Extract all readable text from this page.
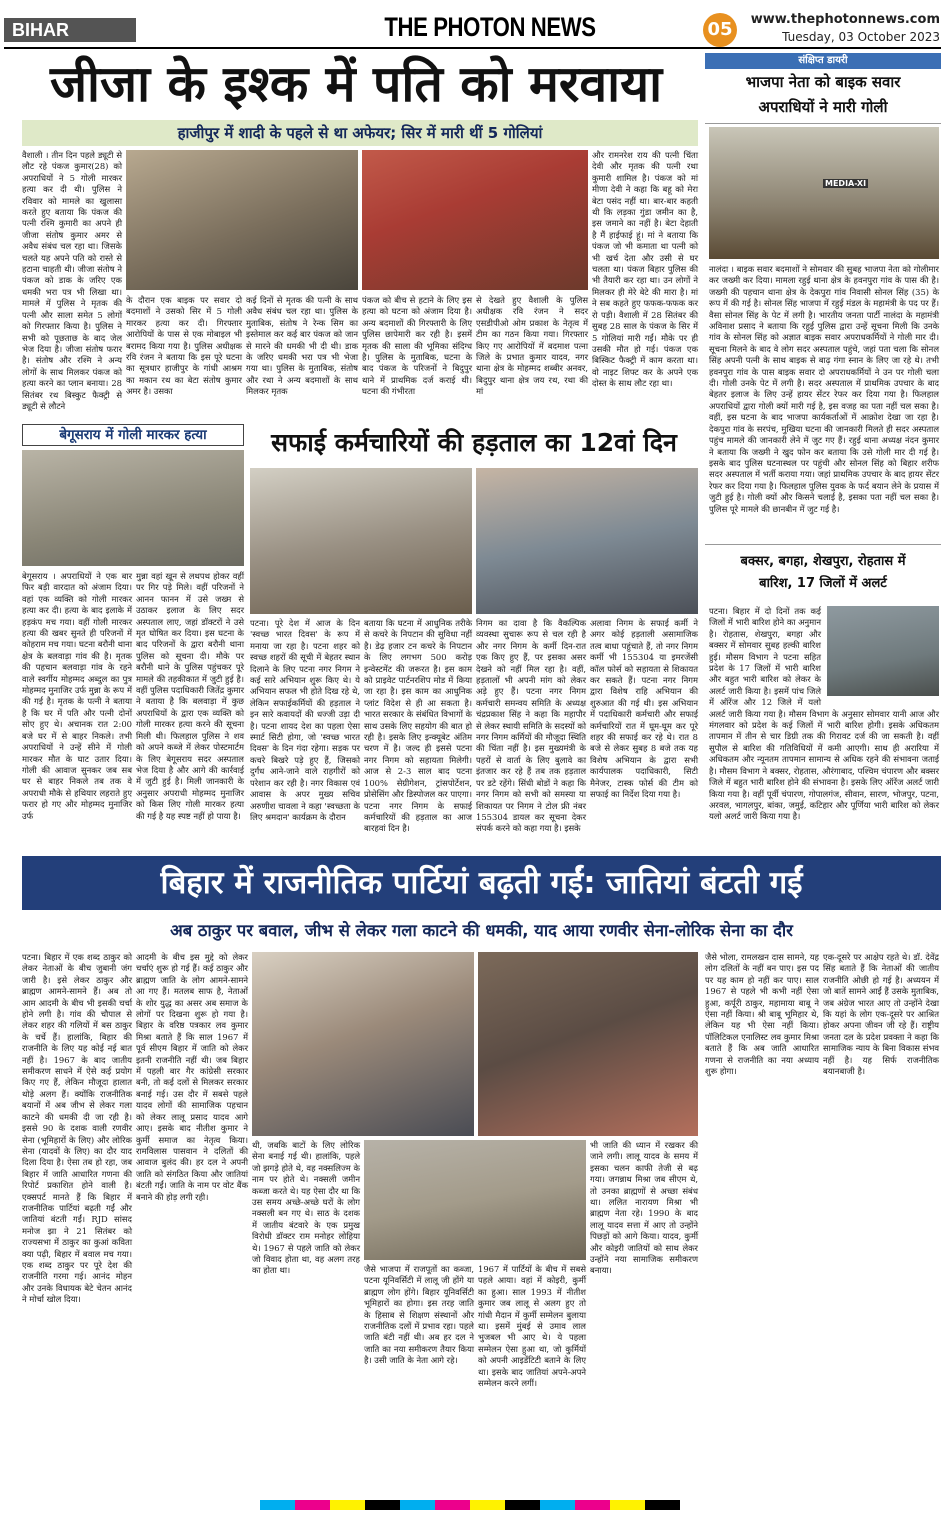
BIHAR	THE PHOTON NEWS	05	www.thephotonnews.com
Tuesday, 03 October 2023
जीजा के इश्क में पति को मरवाया
हाजीपुर में शादी के पहले से था अफेयर; सिर में मारी थीं 5 गोलियां
वैशाली । तीन दिन पहले ड्यूटी से लौट रहे पंकज कुमार(28) को अपराधियों ने 5 गोली मारकर हत्या कर दी थी। पुलिस ने रविवार को मामले का खुलासा करते हुए बताया कि पंकज की पत्नी रश्मि कुमारी का अपने ही जीजा संतोष कुमार अमर से अवैध संबंध चल रहा था। जिसके चलते यह अपने पति को रास्ते से हटाना चाहती थी। जीजा संतोष ने पंकज को डाक के जरिए एक धमकी भरा पत्र भी लिखा था। मामले में पुलिस ने मृतक की पत्नी और साला समेत 5 लोगों को गिरफ्तार किया है। पुलिस ने सभी को पूछताछ के बाद जेल भेज दिया है। जीजा संतोष फरार है। संतोष और रश्मि ने अन्य लोगों के साथ मिलकर पंकज को हत्या करने का प्लान बनाया। 28 सितंबर रथ बिस्कुट फैक्ट्री से ड्यूटी से लौटने
के दौरान एक बाइक पर सवार दो बदमाशों ने उसको सिर में 5 गोली मारकर हत्या कर दी। गिरफ्तार आरोपियों के पास से एक मोबाइल भी बरामद किया गया है। पुलिस अधीक्षक रवि रंजन ने बताया कि इस पूरे घटना का सूत्रधार हाजीपुर के गांधी आश्रम का मकान रथ का बेटा संतोष कुमार अमर है। उसका
कई दिनों से मृतक की पत्नी के साथ अवैध संबंध चल रहा था। पुलिस के मुताबिक, संतोष ने रेन्क सिम का इस्तेमाल कर कई बार पंकज को जान से मारने की धमकी भी दी थी। डाक के जरिए धमकी भरा पत्र भी भेजा गया था। पुलिस के मुताबिक, संतोष और रथा ने अन्य बदमाशों के साथ मिलकर मृतक
पंकज को बीच से हटाने के लिए इस हत्या को घटना को अंजाम दिया है। अन्य बदमाशों की गिरफ्तारी के लिए पुलिस छापेमारी कर रही है। इसमें मृतक की साला की भूमिका संदिग्ध है। पुलिस के मुताबिक, घटना के बाद पंकज के परिजनों ने बिदुपुर थाने में प्राथमिक दर्ज कराई थी। घटना की गंभीरता
से देखते हुए वैशाली के पुलिस अधीक्षक रवि रंजन ने सदर एसडीपीओ ओम प्रकाश के नेतृत्व में टीम का गठन किया गया। गिरफ्तार किए गए आरोपियों में बदमाश पत्ना जिले के प्रभात कुमार यादव, नगर थाना क्षेत्र के मोहम्मद शब्बीर अनवर, बिदुपुर थाना क्षेत्र जय रथ, रथा की मां
और रामनरेश राय की पत्नी चिंता देवी और मृतक की पत्नी रथा कुमारी शामिल है। पंकज को मां मीणा देवी ने कहा कि बहू को मेरा बेटा पसंद नहीं था। बार-बार कहती थी कि लड़का गुंडा जमीन का है, इस जमाने का नहीं है। बेटा देहाती है मैं हाईफाई हूं। मां ने बताया कि पंकज जो भी कमाता था पत्नी को भी खर्च देता और उसी से घर चलता था। पंकज बिहार पुलिस की भी तैयारी कर रहा था। उन लोगों ने मिलकर ही मेरे बेटे की मारा है। मां ने सब कहते हुए फफक-फफक कर रो पड़ी। वैशाली में 28 सितंबर की सुबह 28 साल के पंकज के सिर में 5 गोलियां मारी गईं। मौके पर ही उसकी मौत हो गई। पंकज एक बिस्किट फैक्ट्री में काम करता था। वो नाइट शिफ्ट कर के अपने एक दोस्त के साथ लौट रहा था।
संक्षिप्त डायरी
भाजपा नेता को बाइक सवार
अपराधियों ने मारी गोली
MEDIA-XI
नालंदा । बाइक सवार बदमाशों ने सोमवार की सुबह भाजपा नेता को गोलीमार कर जख्मी कर दिया। मामला रहुई थाना क्षेत्र के हवनपुरा गांव के पास की है। जख्मी की पहचान थाना क्षेत्र के देकपुरा गांव निवासी सोनल सिंह (35) के रूप में की गई है। सोनल सिंह भाजपा में रहुई मंडल के महामंत्री के पद पर हैं। वैसा सोनल सिंह के पेट में लगी है। भारतीय जनता पार्टी नालंदा के महामंत्री अविनाश प्रसाद ने बताया कि रहुई पुलिस द्वारा उन्हें सूचना मिली कि उनके गांव के सोनल सिंह को अज्ञात बाइक सवार अपराधकर्मियों ने गोली मार दी। सूचना मिलने के बाद वे लोग सदर अस्पताल पहुंचे, जहां पता चला कि सोनल सिंह अपनी पत्नी के साथ बाइक से बाढ़ गंगा स्नान के लिए जा रहे थे। तभी हवनपुरा गांव के पास बाइक सवार दो अपराधकर्मियों ने उन पर गोली चला दी। गोली उनके पेट में लगी है। सदर अस्पताल में प्राथमिक उपचार के बाद बेहतर इलाज के लिए उन्हें हायर सेंटर रेफर कर दिया गया है। फिलहाल अपराधियों द्वारा गोली क्यों मारी गई है, इस वजह का पता नहीं चल सका है। वहीं, इस घटना के बाद भाजपा कार्यकर्ताओं में आक्रोश देखा जा रहा है। देकपुरा गांव के सरपंच, मुखिया घटना की जानकारी मिलते ही सदर अस्पताल पहुंच मामले की जानकारी लेने में जुट गए हैं। रहुई थाना अध्यक्ष नंदन कुमार ने बताया कि जख्मी ने खुद फोन कर बताया कि उसे गोली मार दी गई है। इसके बाद पुलिस घटनास्थल पर पहुंची और सोनल सिंह को बिहार शरीफ सदर अस्पताल में भर्ती कराया गया। जहां प्राथमिक उपचार के बाद हायर सेंटर रेफर कर दिया गया है। फिलहाल पुलिस युवक के फर्द बयान लेने के प्रयास में जुटी हुई है। गोली क्यों और किसने चलाई है, इसका पता नहीं चल सका है। पुलिस पूरे मामले की छानबीन में जुट गई है।
बेगूसराय में गोली मारकर हत्या
बेगूसराय । अपराधियों ने एक बार फिर बड़ी वारदात को अंजाम दिया। वहां एक व्यक्ति को गोली मारकर हत्या कर दी। हत्या के बाद इलाके में हड़कंप मच गया। वहीं गोली मारकर हत्या की खबर सुनते ही परिजनों में कोहराम मच गया। घटना बरौनी थाना क्षेत्र के बलवाड़ा गांव की है। मृतक की पहचान बलवाड़ा गांव के रहने वाले स्वर्गीय मोहम्मद अब्दुल का पुत्र मोहम्मद मुनाजिर उर्फ मुन्ना के रूप में की गई है। मृतक के पत्नी ने बताया है कि घर में पति और पत्नी दोनों सोए हुए थे। अचानक रात 2:00 बजे घर में से बाहर निकले। तभी अपराधियों ने उन्हें सीने में गोली मारकर मौत के घाट उतार दिया। गोली की आवाज सुनकर जब सब घर से बाहर निकले तब तक वे अपराधी मौके से हथियार लहराते हुए फरार हो गए और मोहम्मद मुनाजिर उर्फ
मुन्ना वहां खून से लथपथ होकर वहीं पर गिर पड़े मिले। वहीं परिजनों ने आनन फानन में उसे जख्म से उठाकर इलाज के लिए सदर अस्पताल लाए, जहां डॉक्टरों ने उसे मृत घोषित कर दिया। इस घटना के बाद परिजनों के द्वारा बरौनी थाना पुलिस को सूचना दी। मौके पर बरौनी थाने के पुलिस पहुंचकर पूरे मामले की तहकीकात में जुटी हुई है। वहीं पुलिस पदाधिकारी जितेंद्र कुमार ने बताया है कि बलवाड़ा में कुछ अपराधियों के द्वारा एक व्यक्ति को गोली मारकर हत्या करने की सूचना मिली थी। फिलहाल पुलिस ने शव को अपने कब्जे में लेकर पोस्टमार्टम के लिए बेगूसराय सदर अस्पताल भेज दिया है और आगे की कार्रवाई में जुटी हुई है। मिली जानकारी के अनुसार अपराधी मोहम्मद मुनाजिर को किस लिए गोली मारकर हत्या की गई है यह स्पष्ट नहीं हो पाया है।
सफाई कर्मचारियों की हड़ताल का 12वां दिन
पटना। पूरे देश में आज के दिन 'स्वच्छ भारत दिवस' के रूप में मनाया जा रहा है। पटना शहर को स्वच्छ शहरों की सूची में बेहतर स्थान दिलाने के लिए पटना नगर निगम ने कई सारे अभियान शुरू किए थे। ये अभियान सफल भी होते दिख रहे थे, लेकिन सफाईकर्मियों की हड़ताल ने इन सारे कवायदों की धज्जी उड़ा दी है। पटना शायद देश का पहला ऐसा स्मार्ट सिटी होगा, जो 'स्वच्छ भारत दिवस' के दिन गंदा रहेगा। सड़क पर कचरे बिखरे पड़े हुए हैं, जिसको दुर्गंध आने-जाने वाले राहगीरों को परेशान कर रही है। नगर विकास एवं आवास के अपर मुख्य सचिव अरुणीश चावला ने कहा 'स्वच्छता के लिए श्रमदान' कार्यक्रम के दौरान
बताया कि घटना में आधुनिक तरीके से कचरे के निपटान की सुविधा नहीं है। डेढ़ हजार टन कचरे के निपटान के लिए लगभग 500 करोड़ इन्वेस्टमेंट की जरूरत है। इस काम को प्राइवेट पार्टनरशिप मोड में किया जा रहा है। इस काम का आधुनिक प्लांट विदेश से ही आ सकता है। भारत सरकार के संबंधित विभागों के साथ उसके लिए सहयोग की बात हो रही है। इसके लिए इन्क्यूबेट अंतिम चरण में है। जल्द ही इससे पटना नगर निगम को सहायता मिलेगी। आज से 2-3 साल बाद पटना 100% सेग्रीगेशन, ट्रांसपोर्टेशन, प्रोसेसिंग और डिस्पोजल कर पाएगा। पटना नगर निगम के सफाई कर्मचारियों की हड़ताल का आज बारहवां दिन है।
निगम का दावा है कि वैकल्पिक व्यवस्था सुचारू रूप से चल रही है और नगर निगम के कर्मी दिन-रात एक किए हुए हैं, पर इसका असर देखने को नहीं मिल रहा है। वहीं, हड़तालों भी अपनी मांग को लेकर अड़े हुए हैं। पटना नगर निगम कर्मचारी समन्वय समिति के अध्यक्ष चंद्रप्रकाश सिंह ने कहा कि महापौर से लेकर स्थायी समिति के सदस्यों को नगर निगम कर्मियों की मौजूदा स्थिति की चिंता नहीं है। इस मुख्यमंत्री के पहरों से वार्ता के लिए बुलावे का इंतजार कर रहे हैं तब तक हड़ताल पर डटे रहेंगे। सिंधी बोडों ने कहा कि नगर निगम को सभी को समस्या या शिकायत पर निगम ने टोल फ्री नंबर 155304 डायल कर सूचना देकर संपर्क करने को कहा गया है। इसके
अलावा निगम के सफाई कर्मी ने अगर कोई हड़ताली असामाजिक तत्व बाधा पहुंचाते हैं, तो नगर निगम कर्मी भी 155304 या इमरजेंसी कॉल फोर्स को सहायता से शिकायत कर सकते हैं। पटना नगर निगम द्वारा विशेष राहि अभियान की शुरुआत की गई थी। इस अभियान में पदाधिकारी कर्मचारी और सफाई कर्मचारियों रात में घूम-घूम कर पूरे शहर की सफाई कर रहे थे। रात 8 बजे से लेकर सुबह 8 बजे तक यह विशेष अभियान के द्वारा सभी कार्यपालक पदाधिकारी, सिटी मैनेजर, टास्क फोर्स की टीम को सफाई का निर्देश दिया गया है।
बक्सर, बगहा, शेखपुरा, रोहतास में
बारिश, 17 जिलों में अलर्ट
पटना। बिहार में दो दिनों तक कई जिलों में भारी बारिश होने का अनुमान है। रोहतास, शेखपुरा, बगहा और बक्सर में सोमवार सुबह हल्की बारिश हुई। मौसम विभाग ने पटना सहित प्रदेश के 17 जिलों में भारी बारिश और बहुत भारी बारिश को लेकर के अलर्ट जारी किया है। इसमें पांच जिले में ऑरेंज और 12 जिले में यलो अलर्ट जारी किया गया है। मौसम विभाग के अनुसार सोमवार यानी आज और मंगलवार को प्रदेश के कई जिलों में भारी बारिश होगी। इसके अधिकतम तापमान में तीन से चार डिग्री तक की गिरावट दर्ज की जा सकती है। वहीं सुपौल से बारिश की गतिविधियों में कमी आएगी। साथ ही अरारिया में अधिकतम और न्यूनतम तापमान सामान्य से अधिक रहने की संभावना जताई है। मौसम विभाग ने बक्सर, रोहतास, औरंगाबाद, पश्चिम चंपारण और बक्सर जिले में बहुत भारी बारिश होने की संभावना है। इसके लिए ऑरेंज अलर्ट जारी किया गया है। वहीं पूर्वी चंपारण, गोपालगंज, सीवान, सारण, भोजपुर, पटना, अरवल, भागलपुर, बांका, जमुई, कटिहार और पूर्णिया भारी बारिश को लेकर यलो अलर्ट जारी किया गया है।
बिहार में राजनीतिक पार्टियां बढ़ती गईं: जातियां बंटती गईं
अब ठाकुर पर बवाल, जीभ से लेकर गला काटने की धमकी, याद आया रणवीर सेना-लोरिक सेना का दौर
पटना। बिहार में एक शब्द ठाकुर को लेकर नेताओं के बीच जुबानी जंग जारी है। इसे लेकर ठाकुर और ब्राह्मण आमने-सामने हैं। अब तो आम आदमी के बीच भी इसकी चर्चा होने लगी है। गांव की चौपाल से लेकर शहर की गलियों में बस ठाकुर के चर्चे हैं। हालांकि, बिहार की राजनीति के लिए यह कोई नई बात नहीं है। 1967 के बाद जातीय समीकरण साधने में ऐसे कई प्रयोग किए गए हैं, लेकिन मौजूदा हालात थोड़े अलग हैं। क्योंकि राजनीतिक बयानों में अब जीभ से लेकर गला काटने की धमकी दी जा रही है। इससे 90 के दशक वाली रणवीर सेना (भूमिहारों के लिए) और लोरिक सेना (यादवों के लिए) का दौर याद दिला दिया है। ऐसा तब हो रहा, जब बिहार में जाति आधारित गणना की रिपोर्ट प्रकाशित होने वाली है। एक्सपर्ट मानते हैं कि बिहार में राजनीतिक पार्टियां बढ़ती गईं और जातियां बंटती गईं। RJD सांसद मनोज झा ने 21 सितंबर को राज्यसभा में ठाकुर का कुआं कविता क्या पढ़ी, बिहार में बवाल मच गया। एक शब्द ठाकुर पर पूरे देश की राजनीति गरमा गई। आनंद मोहन और उनके विधायक बेटे चेतन आनंद ने मोर्चा खोल दिया।
आदमी के बीच इस मुद्दे को लेकर चर्चाएं शुरू हो गई हैं। कई ठाकुर और ब्राह्मण जाति के लोग आमने-सामने आ गए हैं। मतलब साफ है, नेताओं के शोर युद्ध का असर अब समाज के लोगों पर दिखना शुरू हो गया है। बिहार के वरिष्ठ पत्रकार लव कुमार मिश्रा बताते हैं कि साल 1967 में पूर्व सीएम बिहार में जाति को लेकर इतनी राजनीति नहीं थी। जब बिहार में पहली बार गैर कांग्रेसी सरकार बनी, तो कई दलों से मिलकर सरकार बनाई गई। उस दौर में सबसे पहले यादव लोगों की सामाजिक पहचान को लेकर लालू प्रसाद यादव आगे आए। इसके बाद नीतीश कुमार ने कुर्मी समाज का नेतृत्व किया। रामविलास पासवान ने दलितों की आवाज बुलंद की। हर दल ने अपनी जाति को संगठित किया और जातियां बंटती गईं। जाति के नाम पर वोट बैंक बनाने की होड़ लगी रही।
थी, जबकि बाटों के लिए लोरिक सेना बनाई गई थी। हालांकि, पहले जो झगड़े होते थे, वह नक्सलिज्म के नाम पर होते थे। नक्सली जमीन कब्जा करते थे। यह ऐसा दौर था कि उस समय अच्छे-अच्छे घरों के लोग नक्सली बन गए थे। साठ के दशक में जातीय बंटवारे के एक प्रमुख विरोधी डॉक्टर राम मनोहर लोहिया थे। 1967 से पहले जाति को लेकर जो विवाद होता था, वह अलग तरह का होता था।	जैसे भाजपा में राजपूतों का कब्जा, पटना यूनिवर्सिटी में लालू जी होंगे या ब्राह्मण लोग होंगे। बिहार यूनिवर्सिटी भूमिहारों का होगा। इस तरह जाति के हिसाब से शिक्षण संस्थानों और राजनीतिक दलों में प्रभाव रहा। पहले जाति बंटी नहीं थी। अब हर दल ने जाति का नया समीकरण तैयार किया है। उसी जाति के नेता आगे रहे।
1967 में पार्टियों के बीच में सबसे पहले आया। वहां में कोइरी, कुर्मी का हुआ। साल 1993 में नीतीश कुमार जब लालू से अलग हुए तो गांधी मैदान में कुर्मी सम्मेलन बुलाया था। इसमें मुंबई से उमाव लाल भुजबल भी आए थे। ये पहला सम्मेलन ऐसा हुआ था, जो कुर्मियों को अपनी आइडेंटिटी बताने के लिए था। इसके बाद जातियां अपने-अपने सम्मेलन करने लगीं।
भी जाति की ध्यान में रखकर की जाने लगी। लालू यादव के समय में इसका चलन काफी तेजी से बढ़ गया। जगन्नाथ मिश्रा जब सीएम थे, तो उनका ब्राह्मणों से अच्छा संबंध था। ललित नारायण मिश्रा भी ब्राह्मण नेता रहे। 1990 के बाद लालू यादव सत्ता में आए तो उन्होंने पिछड़ों को आगे किया। यादव, कुर्मी और कोइरी जातियों को साथ लेकर उन्होंने नया सामाजिक समीकरण बनाया।
जैसे भोला, रामलखन दास सामने, यह लोग दलितों के नहीं बन पाए। इस पद पर यह काम हो नहीं कर पाए। साल 1967 से पहले भी कभी नहीं ऐसा हुआ, कर्पूरी ठाकुर, महामाया बाबू ने ऐसा नहीं किया। श्री बाबू भूमिहार थे, लेकिन यह भी ऐसा नहीं किया। पॉलिटिकल एनालिस्ट लव कुमार मिश्रा बताते हैं कि अब जाति आधारित गणना से राजनीति का नया अध्याय शुरू होगा।
एक-दूसरे पर आक्षेप रहते थे। डॉ. देवेंद्र सिंह बताते हैं कि नेताओं की जातीय राजनीति ओछी हो गई है। अध्ययन में जो बातें सामने आईं हैं उसके मुताबिक, जब अंग्रेज भारत आए तो उन्होंने देखा कि यहां के लोग एक-दूसरे पर आश्रित होकर अपना जीवन जी रहे हैं। राष्ट्रीय जनता दल के प्रदेश प्रवक्ता ने कहा कि सामाजिक न्याय के बिना विकास संभव नहीं है। यह सिर्फ राजनीतिक बयानबाजी है।
